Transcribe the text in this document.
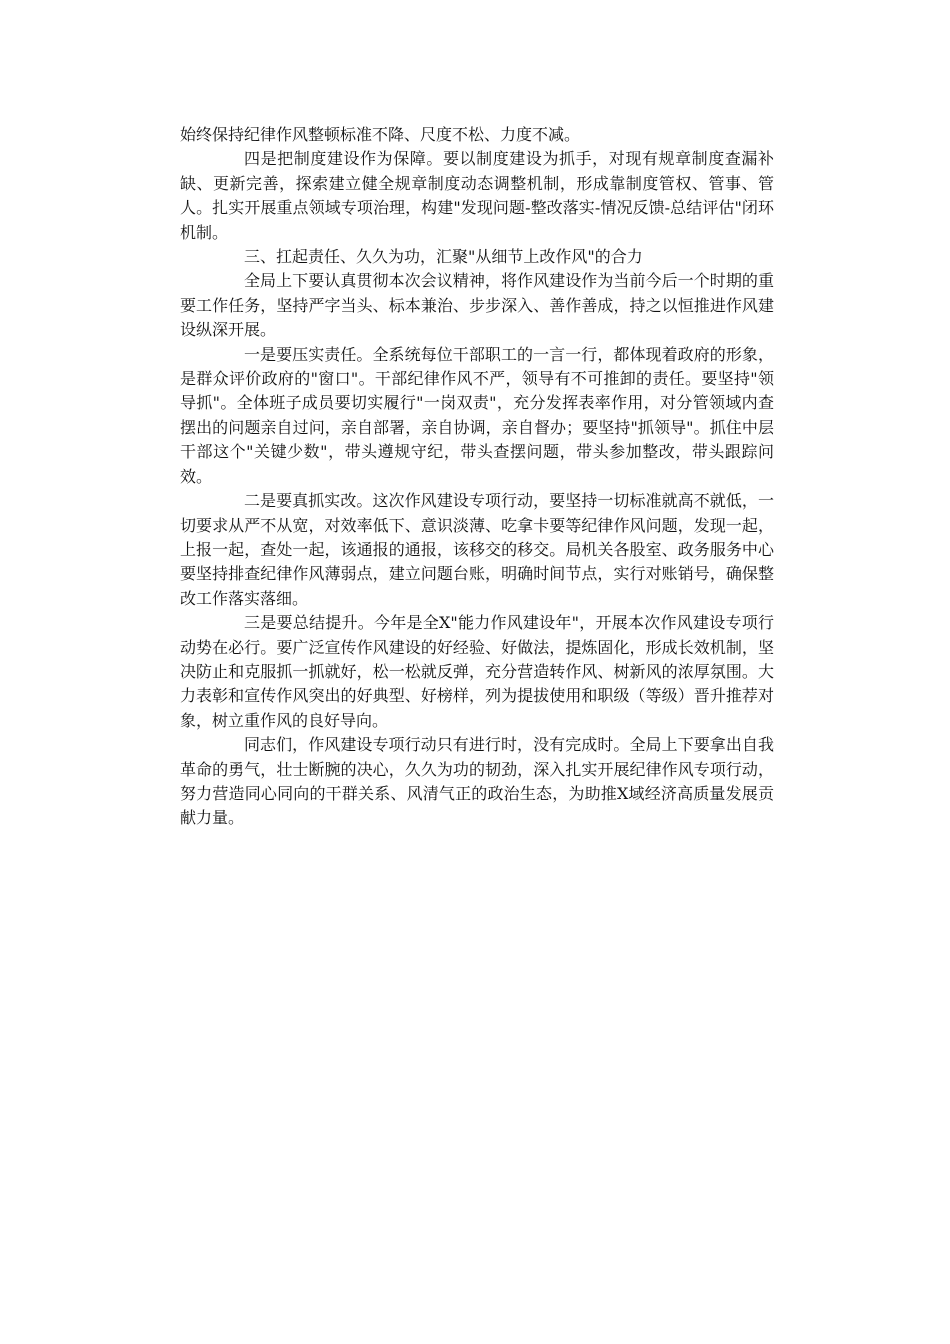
始终保持纪律作风整顿标准不降、尺度不松、力度不减。

四是把制度建设作为保障。要以制度建设为抓手，对现有规章制度查漏补缺、更新完善，探索建立健全规章制度动态调整机制，形成靠制度管权、管事、管人。扎实开展重点领域专项治理，构建"发现问题-整改落实-情况反馈-总结评估"闭环机制。

三、扛起责任、久久为功，汇聚"从细节上改作风"的合力

全局上下要认真贯彻本次会议精神，将作风建设作为当前今后一个时期的重要工作任务，坚持严字当头、标本兼治、步步深入、善作善成，持之以恒推进作风建设纵深开展。

一是要压实责任。全系统每位干部职工的一言一行，都体现着政府的形象，是群众评价政府的"窗口"。干部纪律作风不严，领导有不可推卸的责任。要坚持"领导抓"。全体班子成员要切实履行"一岗双责"，充分发挥表率作用，对分管领域内查摆出的问题亲自过问，亲自部署，亲自协调，亲自督办；要坚持"抓领导"。抓住中层干部这个"关键少数"，带头遵规守纪，带头查摆问题，带头参加整改，带头跟踪问效。

二是要真抓实改。这次作风建设专项行动，要坚持一切标准就高不就低，一切要求从严不从宽，对效率低下、意识淡薄、吃拿卡要等纪律作风问题，发现一起，上报一起，查处一起，该通报的通报，该移交的移交。局机关各股室、政务服务中心要坚持排查纪律作风薄弱点，建立问题台账，明确时间节点，实行对账销号，确保整改工作落实落细。

三是要总结提升。今年是全X"能力作风建设年"，开展本次作风建设专项行动势在必行。要广泛宣传作风建设的好经验、好做法，提炼固化，形成长效机制，坚决防止和克服抓一抓就好，松一松就反弹，充分营造转作风、树新风的浓厚氛围。大力表彰和宣传作风突出的好典型、好榜样，列为提拔使用和职级（等级）晋升推荐对象，树立重作风的良好导向。

同志们，作风建设专项行动只有进行时，没有完成时。全局上下要拿出自我革命的勇气，壮士断腕的决心，久久为功的韧劲，深入扎实开展纪律作风专项行动，努力营造同心同向的干群关系、风清气正的政治生态，为助推X域经济高质量发展贡献力量。
